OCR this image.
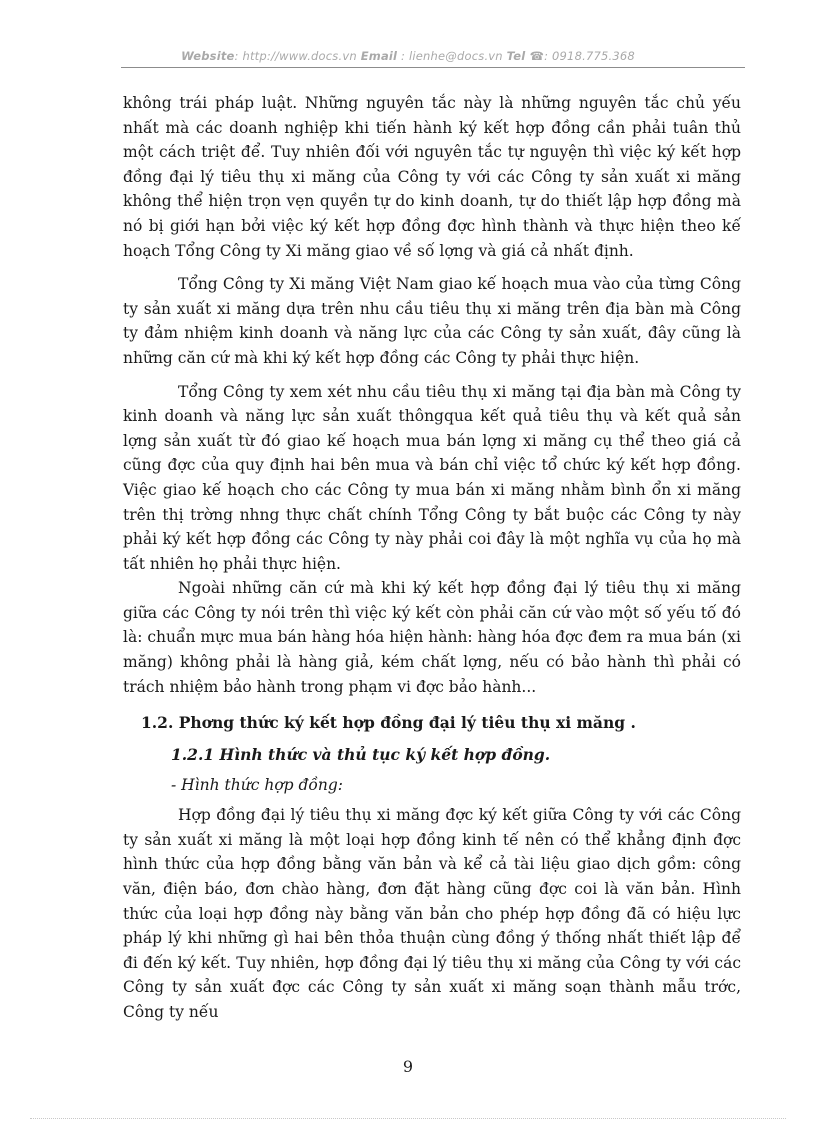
Website: http://www.docs.vn Email : lienhe@docs.vn Tel ☎: 0918.775.368

không trái pháp luật. Những nguyên tắc này là những nguyên tắc chủ yếu nhất mà các doanh nghiệp khi tiến hành ký kết hợp đồng cần phải tuân thủ một cách triệt để. Tuy nhiên đối với nguyên tắc tự nguyện thì việc ký kết hợp đồng đại lý tiêu thụ xi măng của Công ty với các Công ty sản xuất xi măng không thể hiện trọn vẹn quyền tự do kinh doanh, tự do thiết lập hợp đồng mà nó bị giới hạn bởi việc ký kết hợp đồng đợc hình thành và thực hiện theo kế hoạch Tổng Công ty Xi măng giao về số lợng và giá cả nhất định.

Tổng Công ty Xi măng Việt Nam giao kế hoạch mua vào của từng Công ty sản xuất xi măng dựa trên nhu cầu tiêu thụ xi măng trên địa bàn mà Công ty đảm nhiệm kinh doanh và năng lực của các Công ty sản xuất, đây cũng là những căn cứ mà khi ký kết hợp đồng các Công ty phải thực hiện.

Tổng Công ty xem xét nhu cầu tiêu thụ xi măng tại địa bàn mà Công ty kinh doanh và năng lực sản xuất thôngqua kết quả tiêu thụ và kết quả sản lợng sản xuất từ đó giao kế hoạch mua bán lợng xi măng cụ thể theo giá cả cũng đợc của quy định hai bên mua và bán chỉ việc tổ chức ký kết hợp đồng. Việc giao kế hoạch cho các Công ty mua bán xi măng nhằm bình ổn xi măng trên thị trờng nhng thực chất chính Tổng Công ty bắt buộc các Công ty này phải ký kết hợp đồng các Công ty này phải coi đây là một nghĩa vụ của họ mà tất nhiên họ phải thực hiện.

Ngoài những căn cứ mà khi ký kết hợp đồng đại lý tiêu thụ xi măng giữa các Công ty nói trên thì việc ký kết còn phải căn cứ vào một số yếu tố đó là: chuẩn mực mua bán hàng hóa hiện hành: hàng hóa đợc đem ra mua bán (xi măng) không phải là hàng giả, kém chất lợng, nếu có bảo hành thì phải có trách nhiệm bảo hành trong phạm vi đợc bảo hành...

1.2. Phơng thức ký kết hợp đồng đại lý tiêu thụ xi măng .
1.2.1 Hình thức và thủ tục ký kết hợp đồng.
- Hình thức hợp đồng:

Hợp đồng đại lý tiêu thụ xi măng đợc ký kết giữa Công ty với các Công ty sản xuất xi măng là một loại hợp đồng kinh tế nên có thể khẳng định đợc hình thức của hợp đồng bằng văn bản và kể cả tài liệu giao dịch gồm: công văn, điện báo, đơn chào hàng, đơn đặt hàng cũng đợc coi là văn bản. Hình thức của loại hợp đồng này bằng văn bản cho phép hợp đồng đã có hiệu lực pháp lý khi những gì hai bên thỏa thuận cùng đồng ý thống nhất thiết lập để đi đến ký kết. Tuy nhiên, hợp đồng đại lý tiêu thụ xi măng của Công ty với các Công ty sản xuất đợc các Công ty sản xuất xi măng soạn thành mẫu trớc, Công ty nếu

9
